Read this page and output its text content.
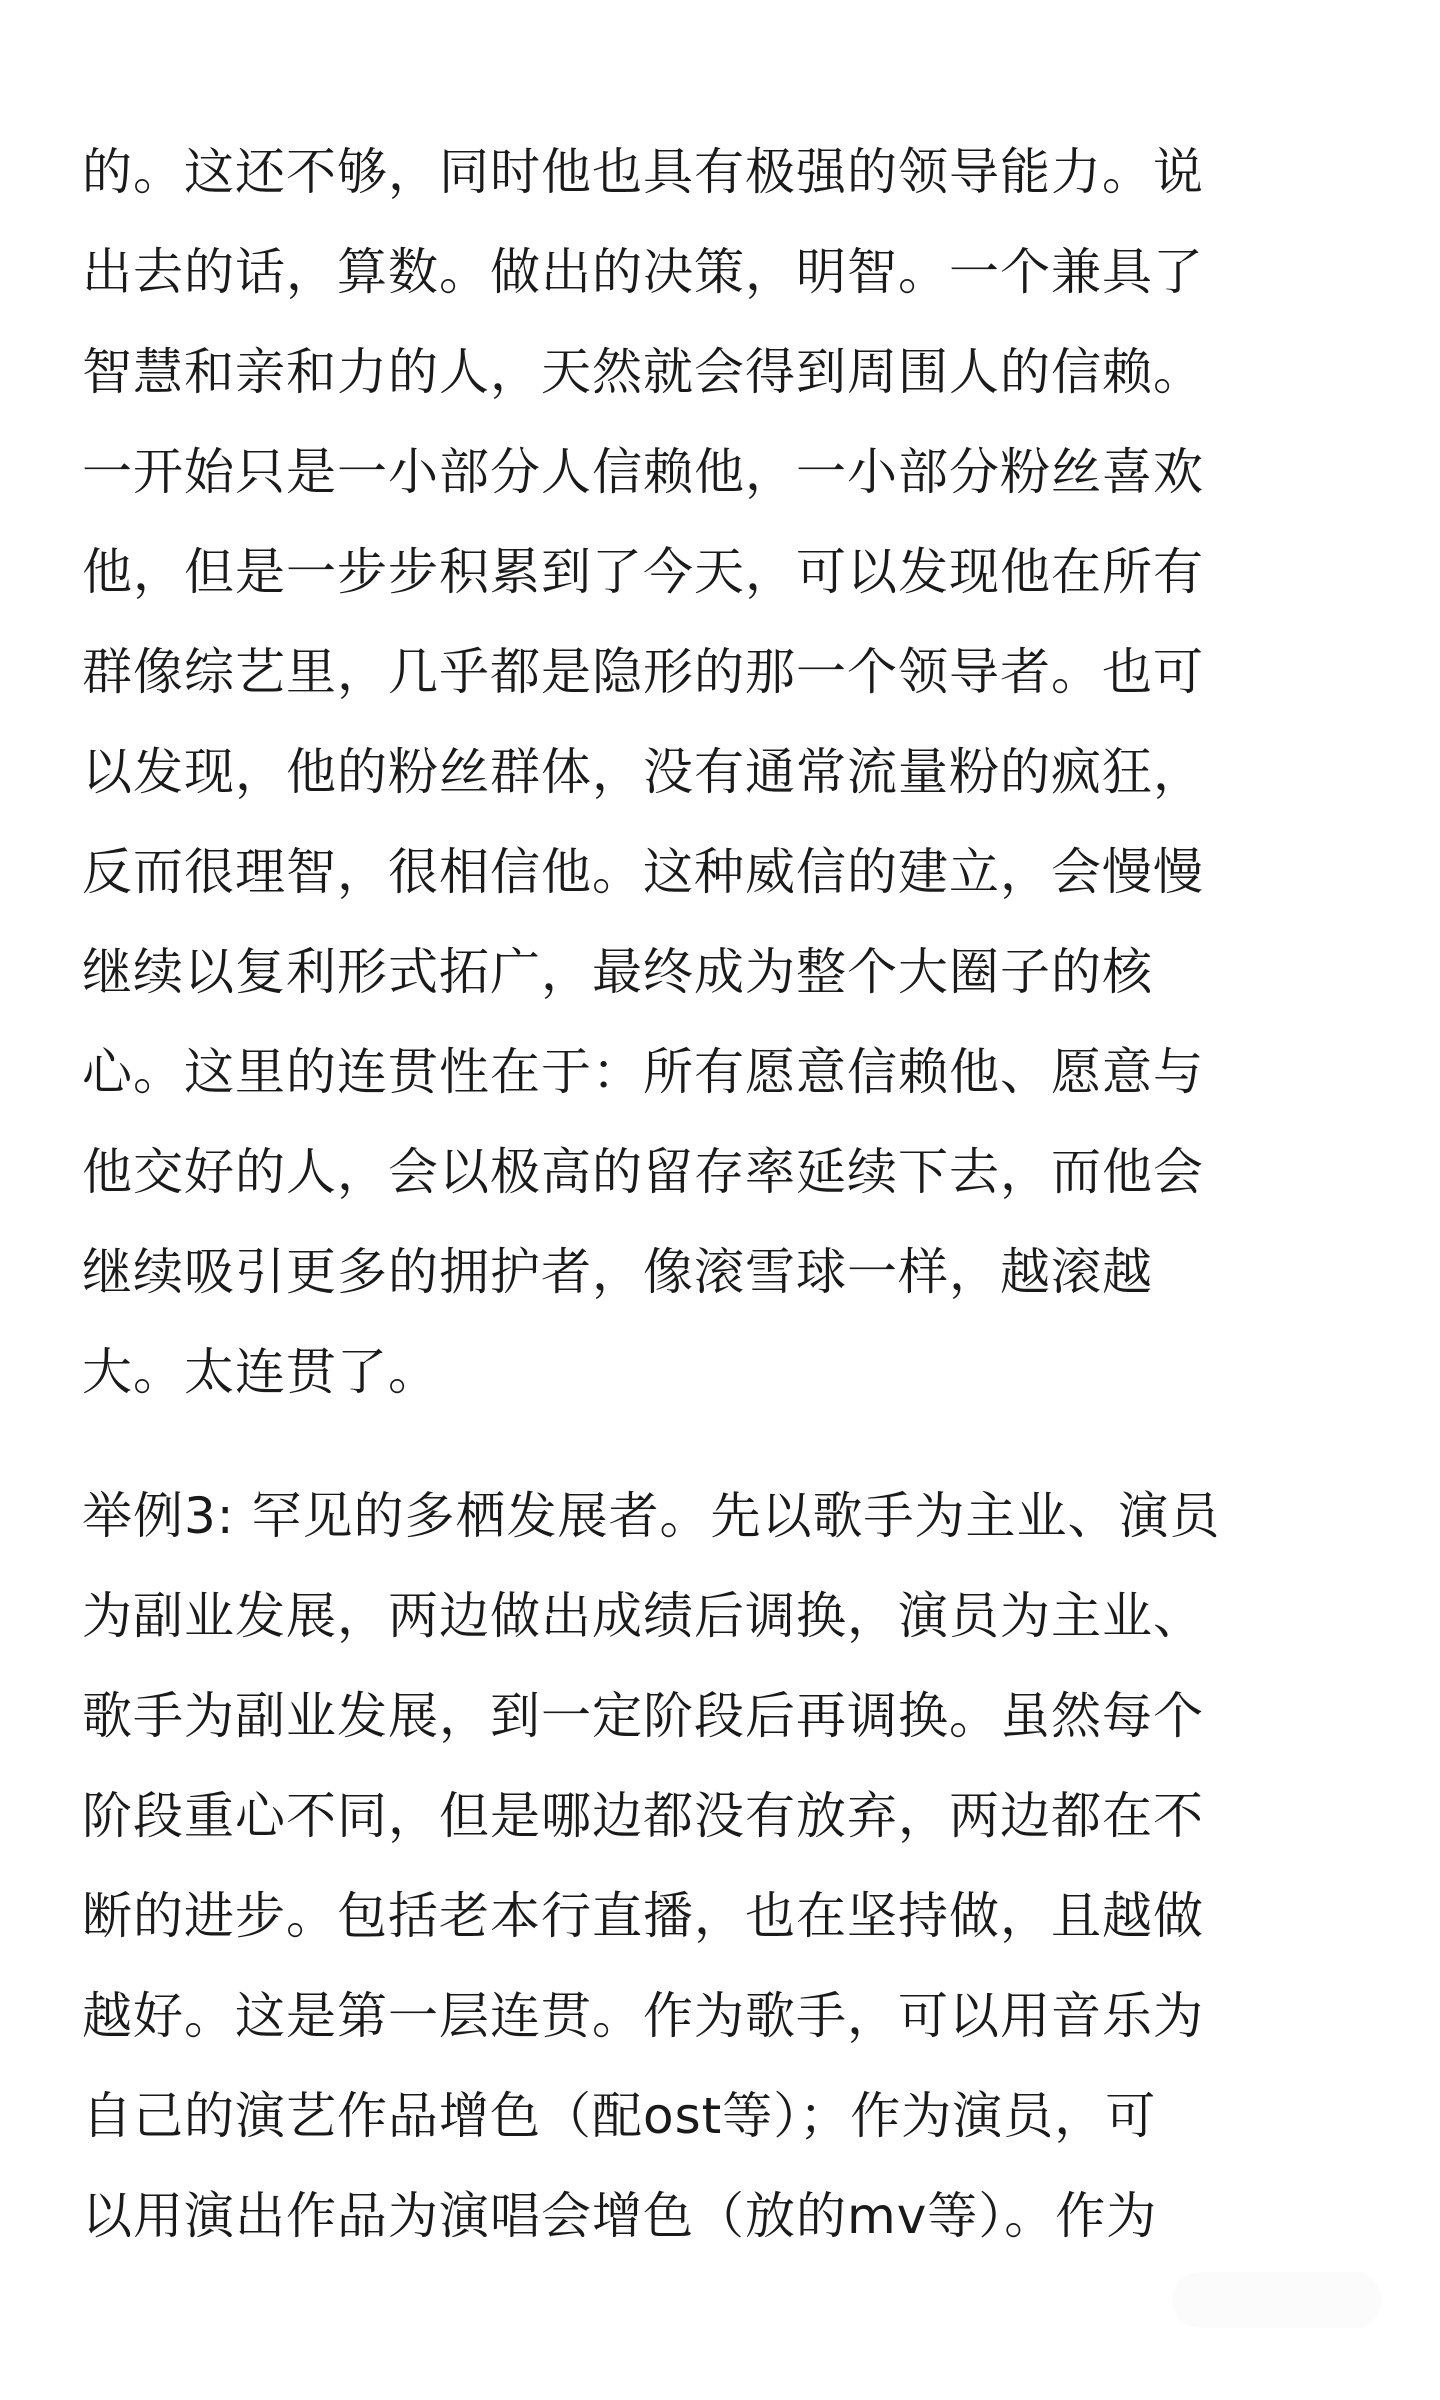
的。这还不够，同时他也具有极强的领导能力。说
出去的话，算数。做出的决策，明智。一个兼具了
智慧和亲和力的人，天然就会得到周围人的信赖。
一开始只是一小部分人信赖他，一小部分粉丝喜欢
他，但是一步步积累到了今天，可以发现他在所有
群像综艺里，几乎都是隐形的那一个领导者。也可
以发现，他的粉丝群体，没有通常流量粉的疯狂，
反而很理智，很相信他。这种威信的建立，会慢慢
继续以复利形式拓广，最终成为整个大圈子的核
心。这里的连贯性在于：所有愿意信赖他、愿意与
他交好的人，会以极高的留存率延续下去，而他会
继续吸引更多的拥护者，像滚雪球一样，越滚越
大。太连贯了。

举例3: 罕见的多栖发展者。先以歌手为主业、演员
为副业发展，两边做出成绩后调换，演员为主业、
歌手为副业发展，到一定阶段后再调换。虽然每个
阶段重心不同，但是哪边都没有放弃，两边都在不
断的进步。包括老本行直播，也在坚持做，且越做
越好。这是第一层连贯。作为歌手，可以用音乐为
自己的演艺作品增色（配ost等）；作为演员，可
以用演出作品为演唱会增色（放的mv等）。作为
